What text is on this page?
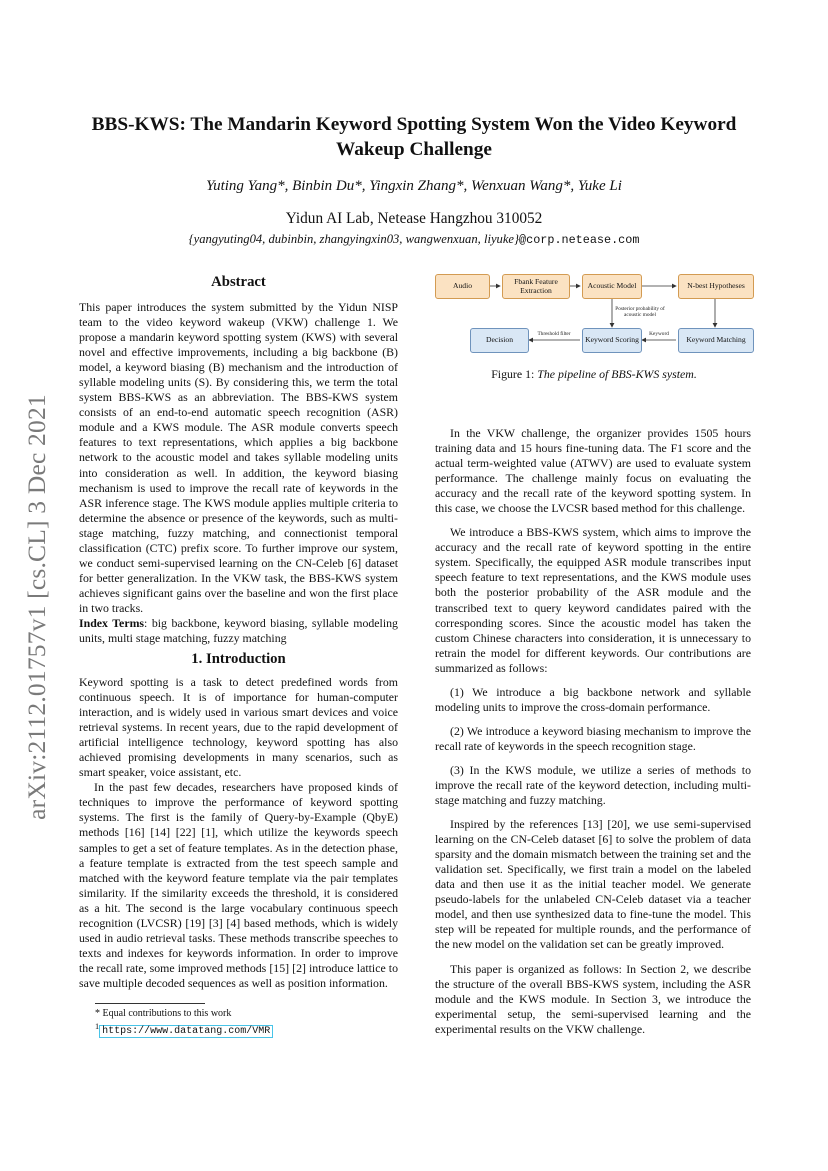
arXiv:2112.01757v1 [cs.CL] 3 Dec 2021
BBS-KWS: The Mandarin Keyword Spotting System Won the Video Keyword Wakeup Challenge
Yuting Yang*, Binbin Du*, Yingxin Zhang*, Wenxuan Wang*, Yuke Li
Yidun AI Lab, Netease Hangzhou 310052
{yangyuting04, dubinbin, zhangyingxin03, wangwenxuan, liyuke}@corp.netease.com
Abstract

This paper introduces the system submitted by the Yidun NISP team to the video keyword wakeup (VKW) challenge 1. We propose a mandarin keyword spotting system (KWS) with several novel and effective improvements, including a big backbone (B) model, a keyword biasing (B) mechanism and the introduction of syllable modeling units (S). By considering this, we term the total system BBS-KWS as an abbreviation. The BBS-KWS system consists of an end-to-end automatic speech recognition (ASR) module and a KWS module. The ASR module converts speech features to text representations, which applies a big backbone network to the acoustic model and takes syllable modeling units into consideration as well. In addition, the keyword biasing mechanism is used to improve the recall rate of keywords in the ASR inference stage. The KWS module applies multiple criteria to determine the absence or presence of the keywords, such as multi-stage matching, fuzzy matching, and connectionist temporal classification (CTC) prefix score. To further improve our system, we conduct semi-supervised learning on the CN-Celeb [6] dataset for better generalization. In the VKW task, the BBS-KWS system achieves significant gains over the baseline and won the first place in two tracks.

Index Terms: big backbone, keyword biasing, syllable modeling units, multi stage matching, fuzzy matching

1. Introduction

Keyword spotting is a task to detect predefined words from continuous speech. It is of importance for human-computer interaction, and is widely used in various smart devices and voice retrieval systems. In recent years, due to the rapid development of artificial intelligence technology, keyword spotting has also achieved promising developments in many scenarios, such as smart speaker, voice assistant, etc.

In the past few decades, researchers have proposed kinds of techniques to improve the performance of keyword spotting systems. The first is the family of Query-by-Example (QbyE) methods [16] [14] [22] [1], which utilize the keywords speech samples to get a set of feature templates. As in the detection phase, a feature template is extracted from the test speech sample and matched with the keyword feature template via the pair templates similarity. If the similarity exceeds the threshold, it is considered as a hit. The second is the large vocabulary continuous speech recognition (LVCSR) [19] [3] [4] based methods, which is widely used in audio retrieval tasks. These methods transcribe speeches to texts and indexes for keywords information. In order to improve the recall rate, some improved methods [15] [2] introduce lattice to save multiple decoded sequences as well as position information.

* Equal contributions to this work
$^1$ https://www.datatang.com/VMR
Audio	Fbank Feature Extraction	Acoustic Model	N-best Hypotheses
Posterior probability of acoustic model
Decision
Threshold filter
Keyword Scoring
Keyword
Keyword Matching
Figure 1: The pipeline of BBS-KWS system.

In the VKW challenge, the organizer provides 1505 hours training data and 15 hours fine-tuning data. The F1 score and the actual term-weighted value (ATWV) are used to evaluate system performance. The challenge mainly focus on evaluating the accuracy and the recall rate of the keyword spotting system. In this case, we choose the LVCSR based method for this challenge.

We introduce a BBS-KWS system, which aims to improve the accuracy and the recall rate of keyword spotting in the entire system. Specifically, the equipped ASR module transcribes input speech feature to text representations, and the KWS module uses both the posterior probability of the ASR module and the transcribed text to query keyword candidates paired with the corresponding scores. Since the acoustic model has taken the custom Chinese characters into consideration, it is unnecessary to retrain the model for different keywords. Our contributions are summarized as follows:

(1) We introduce a big backbone network and syllable modeling units to improve the cross-domain performance.

(2) We introduce a keyword biasing mechanism to improve the recall rate of keywords in the speech recognition stage.

(3) In the KWS module, we utilize a series of methods to improve the recall rate of the keyword detection, including multi-stage matching and fuzzy matching.

Inspired by the references [13] [20], we use semi-supervised learning on the CN-Celeb dataset [6] to solve the problem of data sparsity and the domain mismatch between the training set and the validation set. Specifically, we first train a model on the labeled data and then use it as the initial teacher model. We generate pseudo-labels for the unlabeled CN-Celeb dataset via a teacher model, and then use synthesized data to fine-tune the model. This step will be repeated for multiple rounds, and the performance of the new model on the validation set can be greatly improved.

This paper is organized as follows: In Section 2, we describe the structure of the overall BBS-KWS system, including the ASR module and the KWS module. In Section 3, we introduce the experimental setup, the semi-supervised learning and the experimental results on the VKW challenge.
